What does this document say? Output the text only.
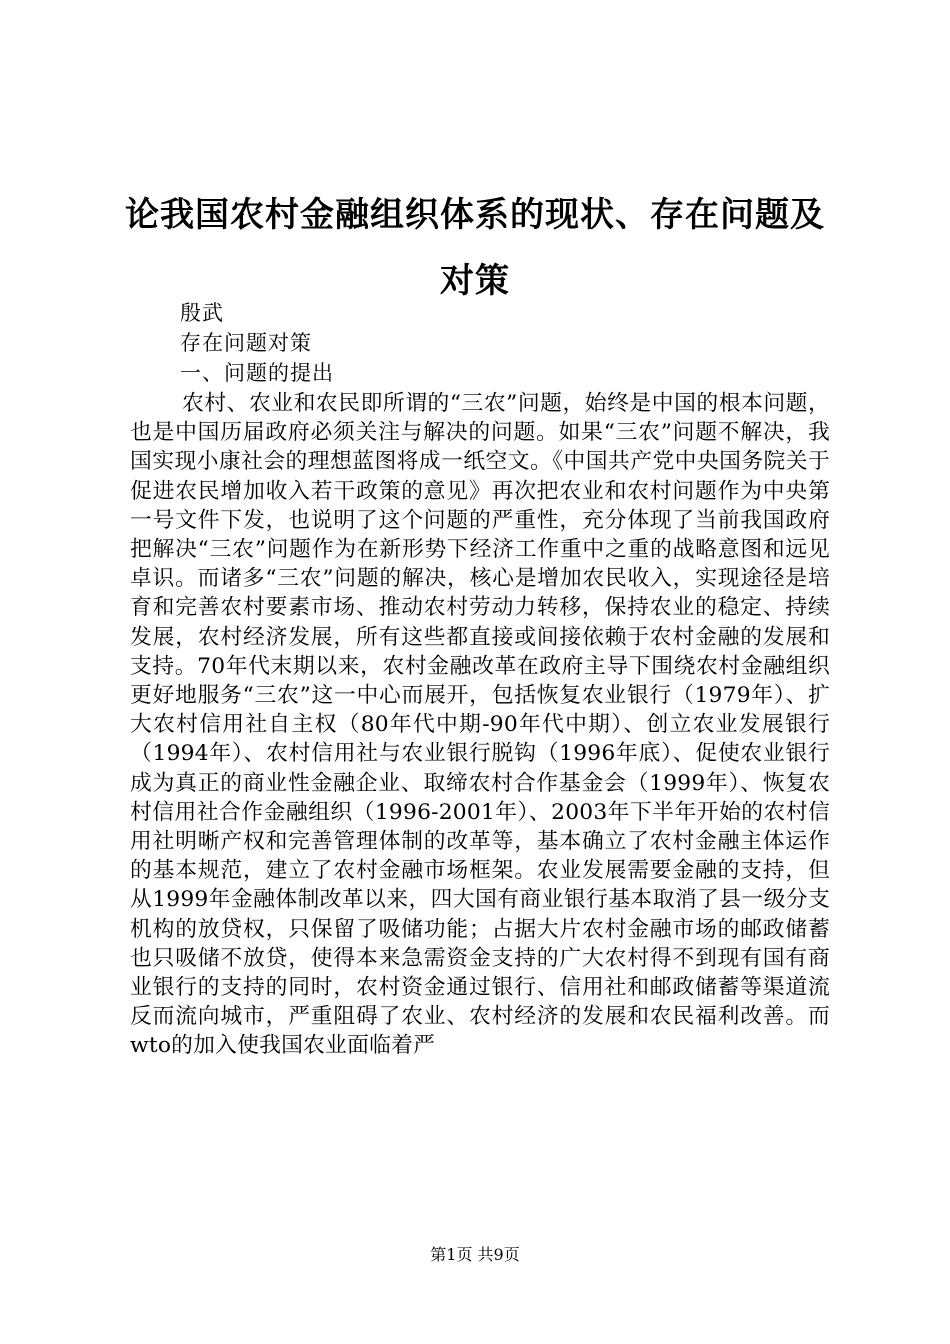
论我国农村金融组织体系的现状、存在问题及对策

殷武

存在问题对策

一、问题的提出

农村、农业和农民即所谓的“三农”问题，始终是中国的根本问题，也是中国历届政府必须关注与解决的问题。如果“三农”问题不解决，我国实现小康社会的理想蓝图将成一纸空文。《中国共产党中央国务院关于促进农民增加收入若干政策的意见》再次把农业和农村问题作为中央第一号文件下发，也说明了这个问题的严重性，充分体现了当前我国政府把解决“三农”问题作为在新形势下经济工作重中之重的战略意图和远见卓识。而诸多“三农”问题的解决，核心是增加农民收入，实现途径是培育和完善农村要素市场、推动农村劳动力转移，保持农业的稳定、持续发展，农村经济发展，所有这些都直接或间接依赖于农村金融的发展和支持。70年代末期以来，农村金融改革在政府主导下围绕农村金融组织更好地服务“三农”这一中心而展开，包括恢复农业银行（1979年）、扩大农村信用社自主权（80年代中期-90年代中期）、创立农业发展银行（1994年）、农村信用社与农业银行脱钩（1996年底）、促使农业银行成为真正的商业性金融企业、取缔农村合作基金会（1999年）、恢复农村信用社合作金融组织（1996-2001年）、2003年下半年开始的农村信用社明晰产权和完善管理体制的改革等，基本确立了农村金融主体运作的基本规范，建立了农村金融市场框架。农业发展需要金融的支持，但从1999年金融体制改革以来，四大国有商业银行基本取消了县一级分支机构的放贷权，只保留了吸储功能；占据大片农村金融市场的邮政储蓄也只吸储不放贷，使得本来急需资金支持的广大农村得不到现有国有商业银行的支持的同时，农村资金通过银行、信用社和邮政储蓄等渠道流反而流向城市，严重阻碍了农业、农村经济的发展和农民福利改善。而wto的加入使我国农业面临着严

第1页 共9页
